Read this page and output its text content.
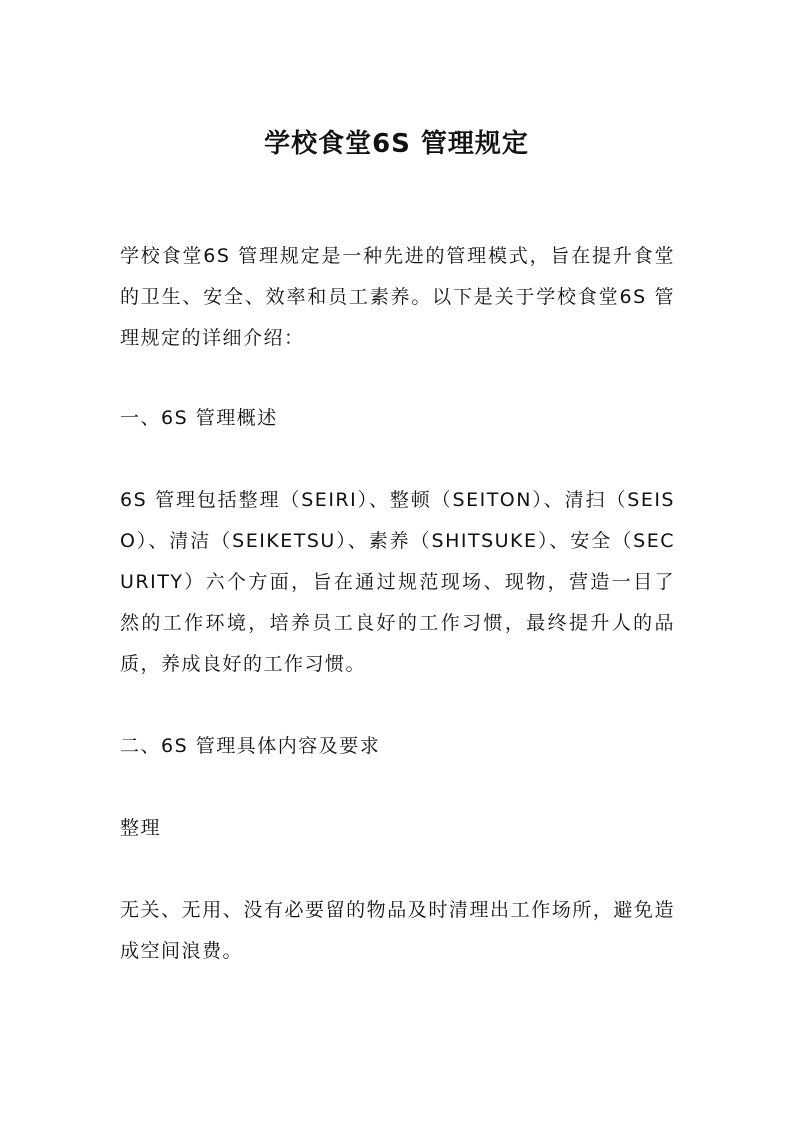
学校食堂6S 管理规定

学校食堂6S 管理规定是一种先进的管理模式，旨在提升食堂的卫生、安全、效率和员工素养。以下是关于学校食堂6S 管理规定的详细介绍：

一、6S 管理概述

6S 管理包括整理（SEIRI）、整顿（SEITON）、清扫（SEISO）、清洁（SEIKETSU）、素养（SHITSUKE）、安全（SECURITY）六个方面，旨在通过规范现场、现物，营造一目了然的工作环境，培养员工良好的工作习惯，最终提升人的品质，养成良好的工作习惯。

二、6S 管理具体内容及要求

整理

无关、无用、没有必要留的物品及时清理出工作场所，避免造成空间浪费。
